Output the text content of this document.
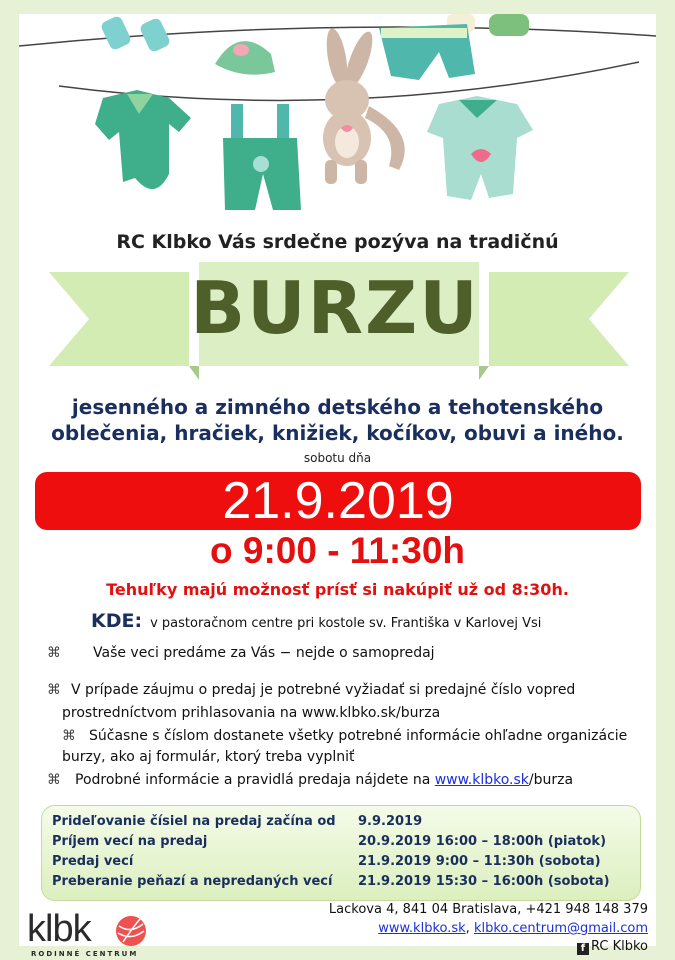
RC Klbko Vás srdečne pozýva na tradičnú
BURZU
jesenného a zimného detského a tehotenského
oblečenia, hračiek, knižiek, kočíkov, obuvi a iného.
sobotu dňa
21.9.2019
o 9:00 - 11:30h
Tehuľky majú možnosť prísť si nakúpiť už od 8:30h.
KDE: v pastoračnom centre pri kostole sv. Františka v Karlovej Vsi
⌘ Vaše veci predáme za Vás − nejde o samopredaj
⌘ V prípade záujmu o predaj je potrebné vyžiadať si predajné číslo vopred
prostredníctvom prihlasovania na www.klbko.sk/burza
⌘ Súčasne s číslom dostanete všetky potrebné informácie ohľadne organizácie
burzy, ako aj formulár, ktorý treba vyplniť
⌘ Podrobné informácie a pravidlá predaja nájdete na www.klbko.sk/burza
Prideľovanie čísiel na predaj začína od 9.9.2019
Príjem vecí na predaj	20.9.2019 16:00 – 18:00h (piatok)
Predaj vecí	21.9.2019 9:00 – 11:30h (sobota)
Preberanie peňazí a nepredaných vecí 21.9.2019 15:30 – 16:00h (sobota)
klbk
RODINNÉ CENTRUM
Lackova 4, 841 04 Bratislava, +421 948 148 379
www.klbko.sk, klbko.centrum@gmail.com
f RC Klbko
